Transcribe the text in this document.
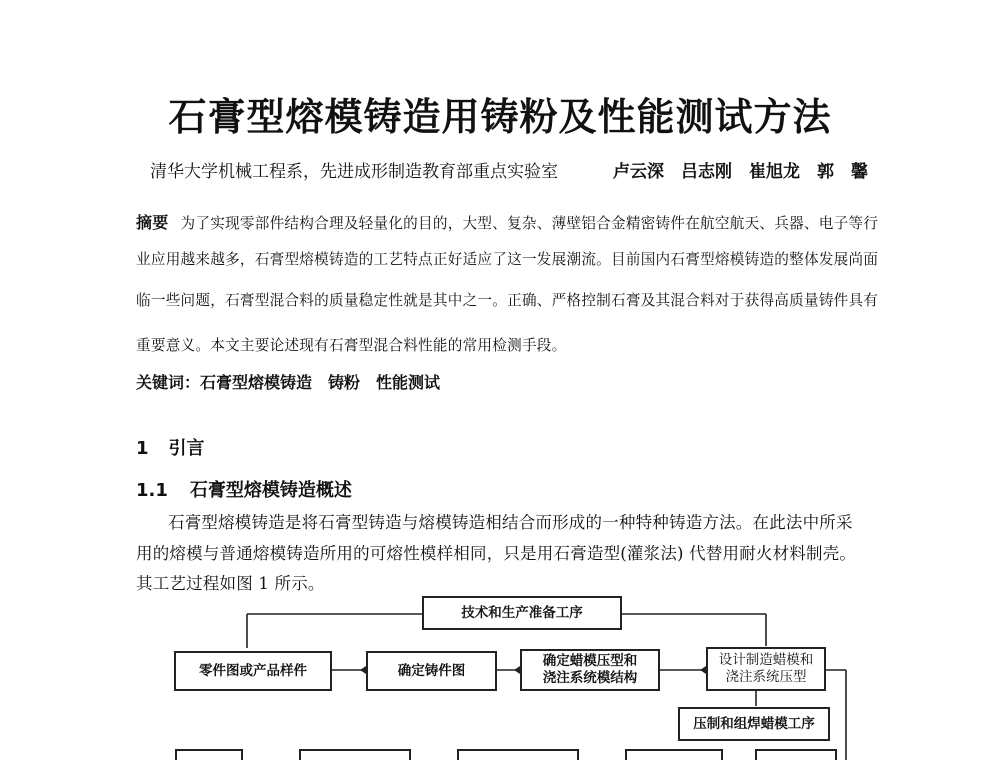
石膏型熔模铸造用铸粉及性能测试方法
清华大学机械工程系，先进成形制造教育部重点实验室	卢云深　吕志刚　崔旭龙　郭　馨
摘要 为了实现零部件结构合理及轻量化的目的，大型、复杂、薄壁铝合金精密铸件在航空航天、兵器、电子等行
业应用越来越多，石膏型熔模铸造的工艺特点正好适应了这一发展潮流。目前国内石膏型熔模铸造的整体发展尚面
临一些问题，石膏型混合料的质量稳定性就是其中之一。正确、严格控制石膏及其混合料对于获得高质量铸件具有
重要意义。本文主要论述现有石膏型混合料性能的常用检测手段。
关键词：石膏型熔模铸造　铸粉　性能测试
1 引言
1.1 石膏型熔模铸造概述
石膏型熔模铸造是将石膏型铸造与熔模铸造相结合而形成的一种特种铸造方法。在此法中所采
用的熔模与普通熔模铸造所用的可熔性模样相同，只是用石膏造型(灌浆法) 代替用耐火材料制壳。
其工艺过程如图 1 所示。
技术和生产准备工序
零件图或产品样件	确定铸件图
确定蜡模压型和
浇注系统模结构
设计制造蜡模和
浇注系统压型
压制和组焊蜡模工序
